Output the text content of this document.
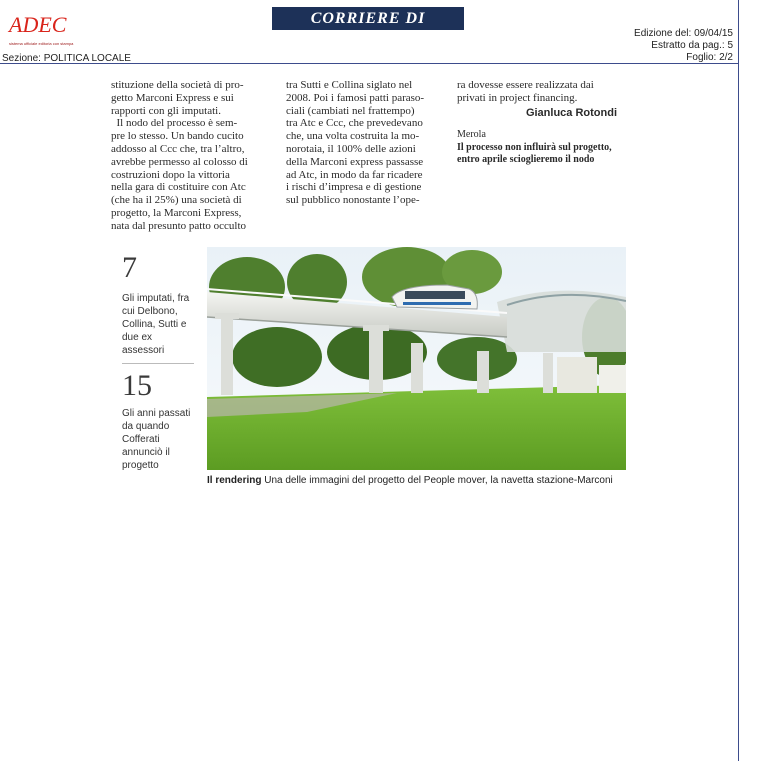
ADEC
sistema ufficiale editoria con stampa
CORRIERE DI BOLOGNA	Edizione del: 09/04/15
Estratto da pag.: 5
Foglio: 2/2
Sezione: POLITICA LOCALE
stituzione della società di pro-
getto Marconi Express e sui
rapporti con gli imputati.
Il nodo del processo è sem-
pre lo stesso. Un bando cucito
addosso al Ccc che, tra l’altro,
avrebbe permesso al colosso di
costruzioni dopo la vittoria
nella gara di costituire con Atc
(che ha il 25%) una società di
progetto, la Marconi Express,
nata dal presunto patto occulto
tra Sutti e Collina siglato nel
2008. Poi i famosi patti paraso-
ciali (cambiati nel frattempo)
tra Atc e Ccc, che prevedevano
che, una volta costruita la mo-
norotaia, il 100% delle azioni
della Marconi express passasse
ad Atc, in modo da far ricadere
i rischi d’impresa e di gestione
sul pubblico nonostante l’ope-
ra dovesse essere realizzata dai
privati in project financing.
Gianluca Rotondi
Merola
Il processo non influirà sul progetto,
entro aprile scioglieremo il nodo
7
Gli imputati, fra
cui Delbono,
Collina, Sutti e
due ex
assessori
15
Gli anni passati
da quando
Cofferati
annunciò il
progetto
Il rendering Una delle immagini del progetto del People mover, la navetta stazione-Marconi
